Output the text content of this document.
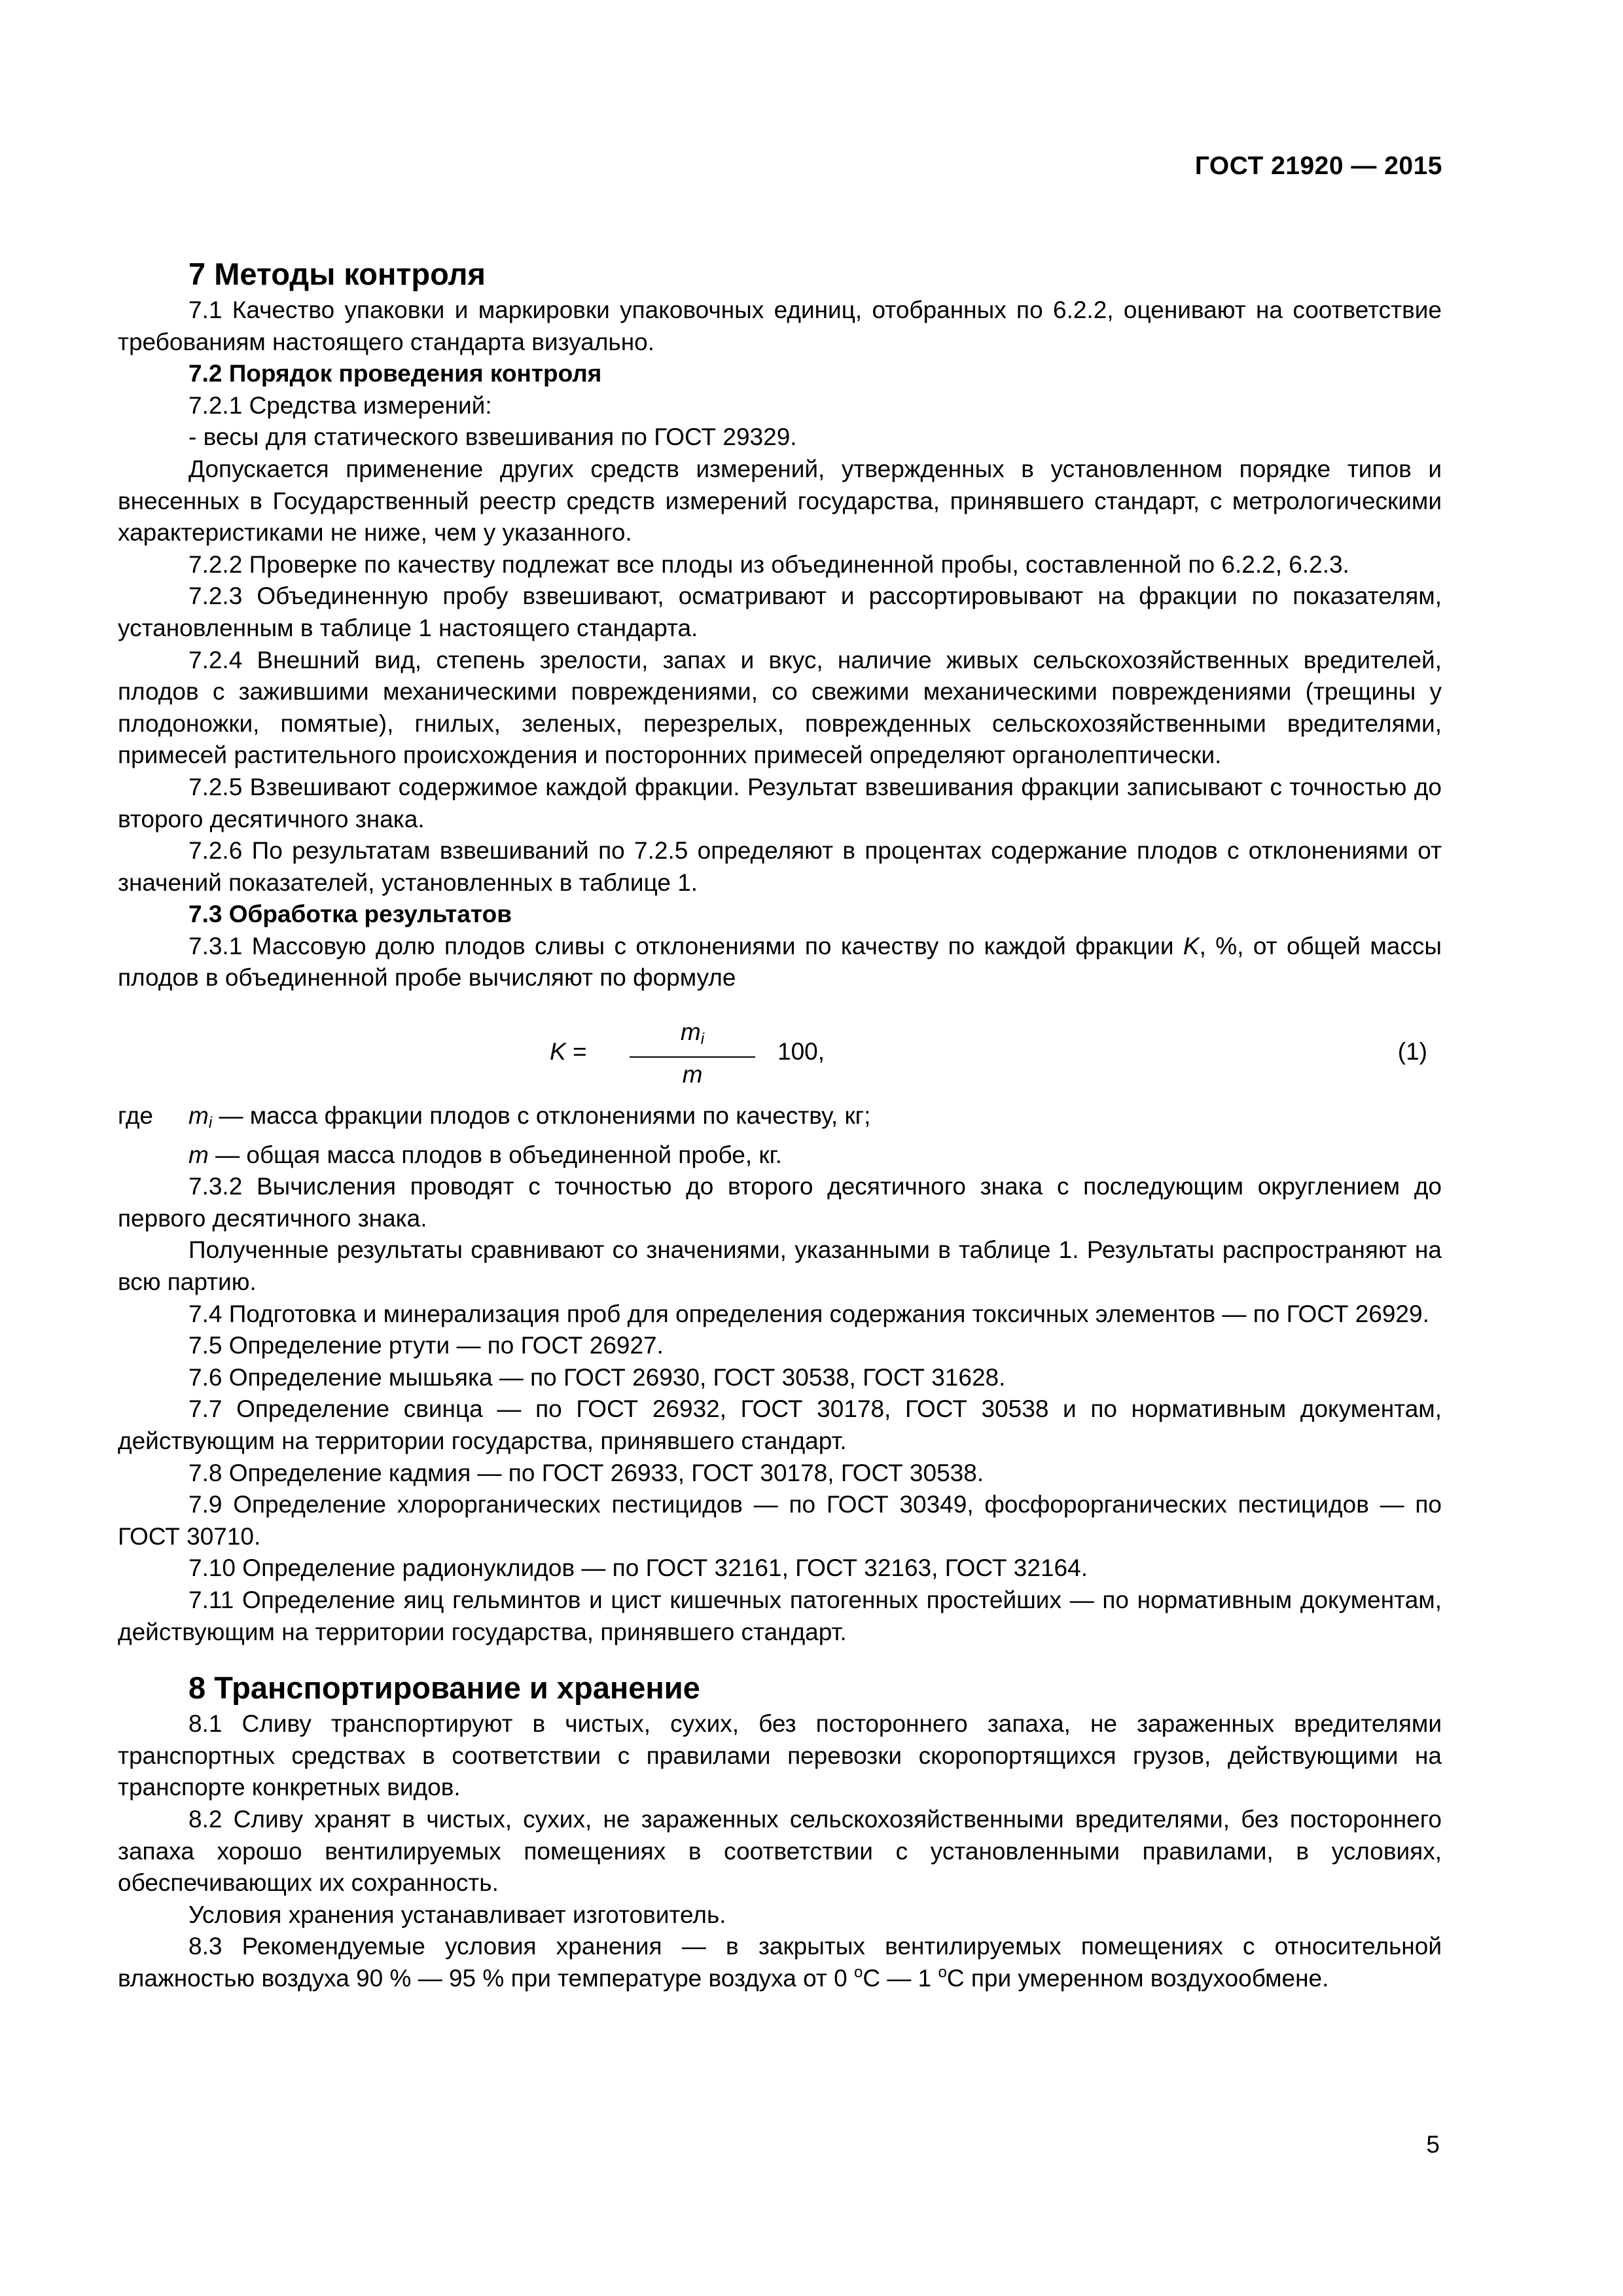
ГОСТ 21920 — 2015
7 Методы контроля
7.1 Качество упаковки и маркировки упаковочных единиц, отобранных по 6.2.2, оценивают на соответствие требованиям настоящего стандарта визуально.
7.2 Порядок проведения контроля
7.2.1 Средства измерений:
- весы для статического взвешивания по ГОСТ 29329.
Допускается применение других средств измерений, утвержденных в установленном порядке типов и внесенных в Государственный реестр средств измерений государства, принявшего стандарт, с метрологическими характеристиками не ниже, чем у указанного.
7.2.2 Проверке по качеству подлежат все плоды из объединенной пробы, составленной по 6.2.2, 6.2.3.
7.2.3 Объединенную пробу взвешивают, осматривают и рассортировывают на фракции по показателям, установленным в таблице 1 настоящего стандарта.
7.2.4 Внешний вид, степень зрелости, запах и вкус, наличие живых сельскохозяйственных вредителей, плодов с зажившими механическими повреждениями, со свежими механическими повреждениями (трещины у плодоножки, помятые), гнилых, зеленых, перезрелых, поврежденных сельскохозяйственными вредителями, примесей растительного происхождения и посторонних примесей определяют органолептически.
7.2.5 Взвешивают содержимое каждой фракции. Результат взвешивания фракции записывают с точностью до второго десятичного знака.
7.2.6 По результатам взвешиваний по 7.2.5 определяют в процентах содержание плодов с отклонениями от значений показателей, установленных в таблице 1.
7.3 Обработка результатов
7.3.1 Массовую долю плодов сливы с отклонениями по качеству по каждой фракции K, %, от общей массы плодов в объединенной пробе вычисляют по формуле
K =
$m_i$
m
100,	(1)
где	$m_i$ — масса фракции плодов с отклонениями по качеству, кг;
m — общая масса плодов в объединенной пробе, кг.
7.3.2 Вычисления проводят с точностью до второго десятичного знака с последующим округлением до первого десятичного знака.
Полученные результаты сравнивают со значениями, указанными в таблице 1. Результаты распространяют на всю партию.
7.4 Подготовка и минерализация проб для определения содержания токсичных элементов — по ГОСТ 26929.
7.5 Определение ртути — по ГОСТ 26927.
7.6 Определение мышьяка — по ГОСТ 26930, ГОСТ 30538, ГОСТ 31628.
7.7 Определение свинца — по ГОСТ 26932, ГОСТ 30178, ГОСТ 30538 и по нормативным документам, действующим на территории государства, принявшего стандарт.
7.8 Определение кадмия — по ГОСТ 26933, ГОСТ 30178, ГОСТ 30538.
7.9 Определение хлорорганических пестицидов — по ГОСТ 30349, фосфорорганических пестицидов — по ГОСТ 30710.
7.10 Определение радионуклидов — по ГОСТ 32161, ГОСТ 32163, ГОСТ 32164.
7.11 Определение яиц гельминтов и цист кишечных патогенных простейших — по нормативным документам, действующим на территории государства, принявшего стандарт.
8 Транспортирование и хранение
8.1 Сливу транспортируют в чистых, сухих, без постороннего запаха, не зараженных вредителями транспортных средствах в соответствии с правилами перевозки скоропортящихся грузов, действующими на транспорте конкретных видов.
8.2 Сливу хранят в чистых, сухих, не зараженных сельскохозяйственными вредителями, без постороннего запаха хорошо вентилируемых помещениях в соответствии с установленными правилами, в условиях, обеспечивающих их сохранность.
Условия хранения устанавливает изготовитель.
8.3 Рекомендуемые условия хранения — в закрытых вентилируемых помещениях с относительной влажностью воздуха 90 % — 95 % при температуре воздуха от 0 $^o$С — 1 $^o$С при умеренном воздухообмене.
5
